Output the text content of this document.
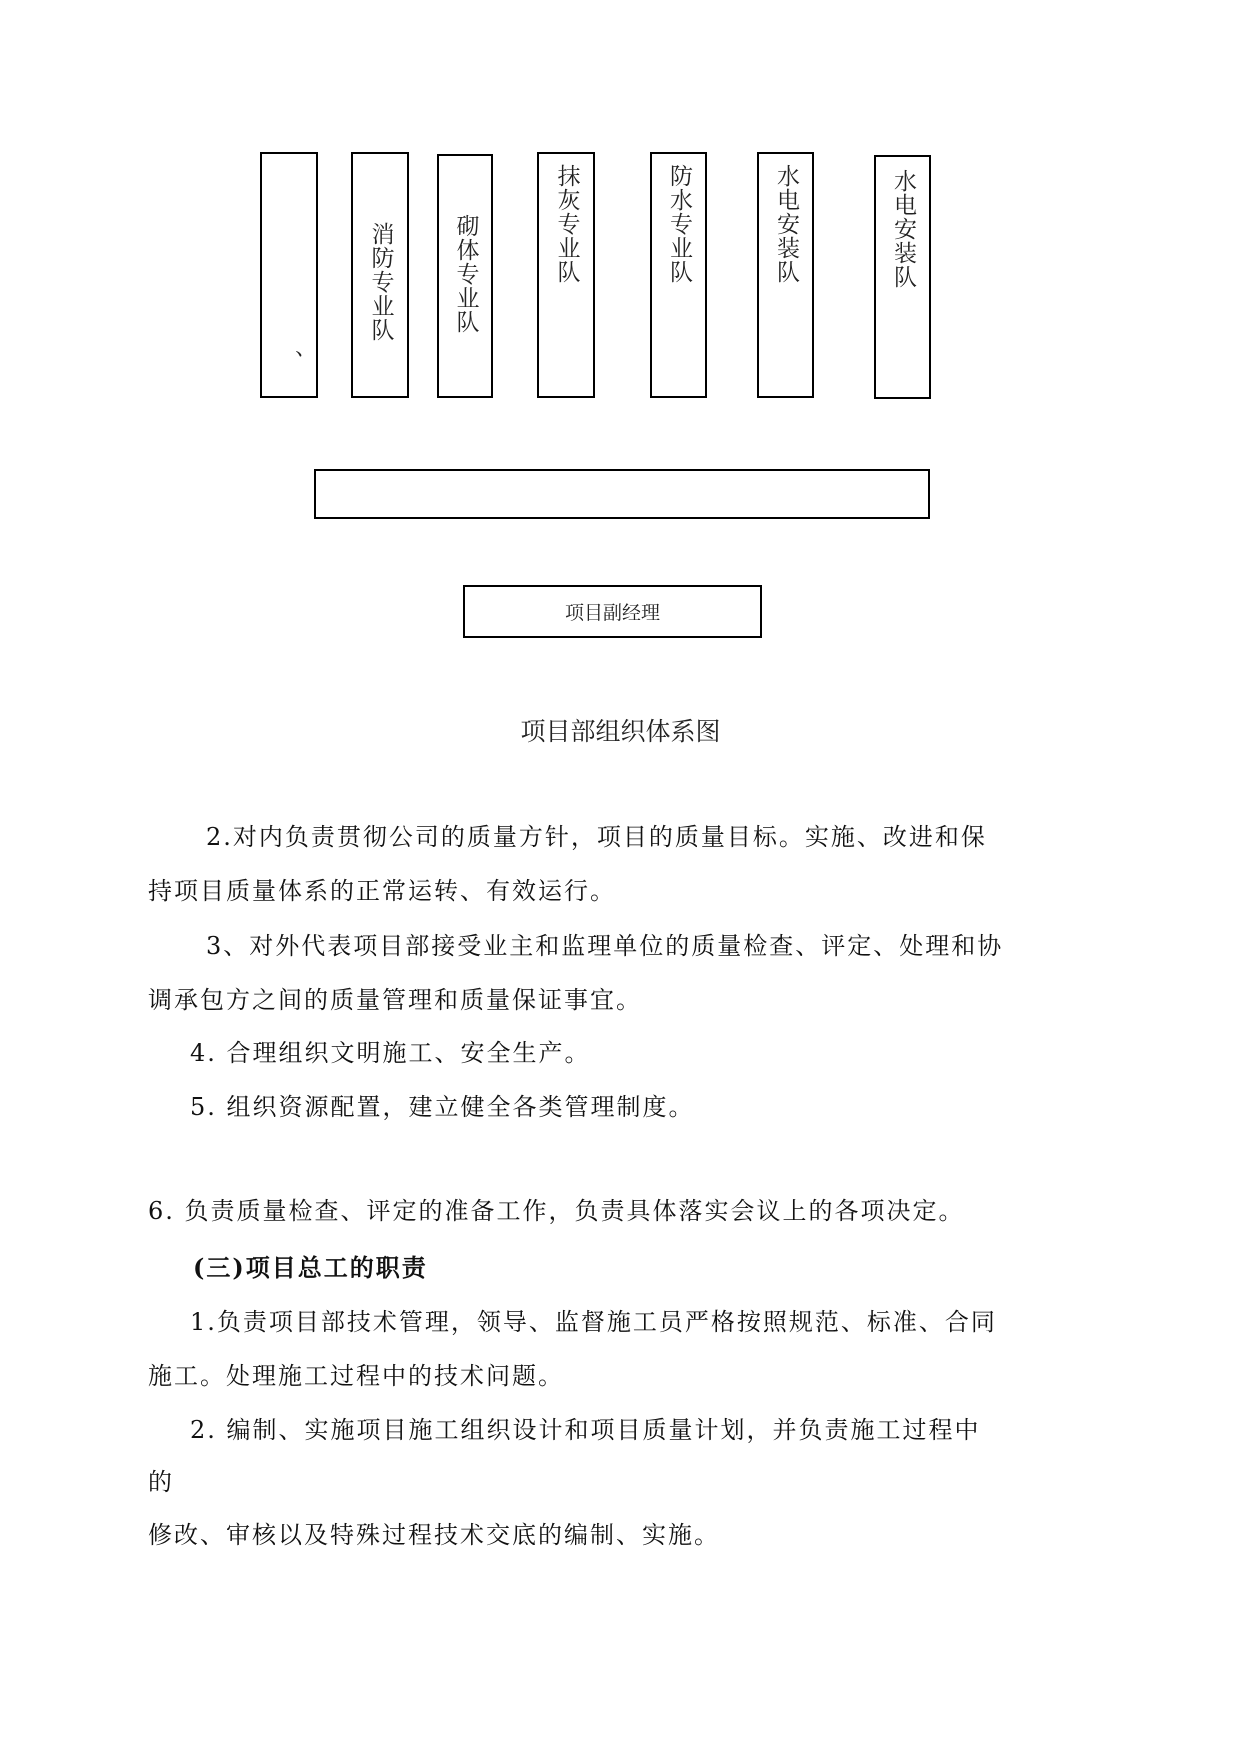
、
消防专业队	砌体专业队	抹灰专业队	防水专业队	水电安装队	水电安装队
项目副经理
项目部组织体系图
2.对内负责贯彻公司的质量方针，项目的质量目标。实施、改进和保
持项目质量体系的正常运转、有效运行。
3、对外代表项目部接受业主和监理单位的质量检查、评定、处理和协
调承包方之间的质量管理和质量保证事宜。
4. 合理组织文明施工、安全生产。
5. 组织资源配置，建立健全各类管理制度。
6. 负责质量检查、评定的准备工作，负责具体落实会议上的各项决定。
(三)项目总工的职责
1.负责项目部技术管理，领导、监督施工员严格按照规范、标准、合同
施工。处理施工过程中的技术问题。
2. 编制、实施项目施工组织设计和项目质量计划，并负责施工过程中
的
修改、审核以及特殊过程技术交底的编制、实施。
